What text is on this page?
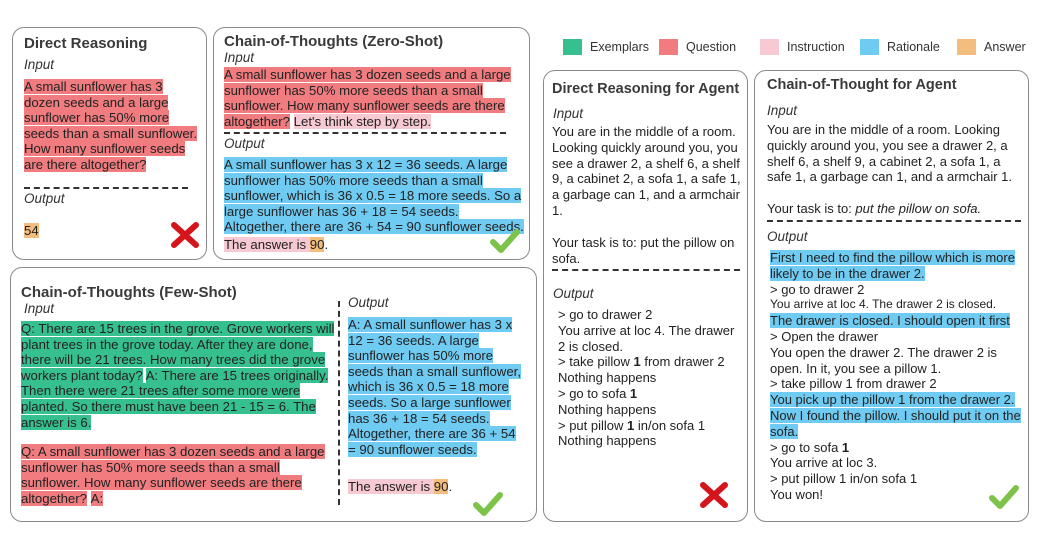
Exemplars	Question	Instruction	Rationale	Answer
Direct Reasoning
Input
A small sunflower has 3 dozen seeds and a large sunflower has 50% more seeds than a small sunflower. How many sunflower seeds are there altogether?
Output
54
Chain-of-Thoughts (Zero-Shot)
Input
A small sunflower has 3 dozen seeds and a large sunflower has 50% more seeds than a small sunflower. How many sunflower seeds are there altogether? Let's think step by step.
Output
A small sunflower has 3 x 12 = 36 seeds. A large sunflower has 50% more seeds than a small sunflower, which is 36 x 0.5 = 18 more seeds. So a large sunflower has 36 + 18 = 54 seeds. Altogether, there are 36 + 54 = 90 sunflower seeds.
The answer is 90.
Chain-of-Thoughts (Few-Shot)
Input
Q: There are 15 trees in the grove. Grove workers will plant trees in the grove today. After they are done, there will be 21 trees. How many trees did the grove workers plant today? A: There are 15 trees originally. Then there were 21 trees after some more were planted. So there must have been 21 - 15 = 6. The answer is 6.
Q: A small sunflower has 3 dozen seeds and a large sunflower has 50% more seeds than a small sunflower. How many sunflower seeds are there altogether? A:
Output
A: A small sunflower has 3 x 12 = 36 seeds. A large sunflower has 50% more seeds than a small sunflower, which is 36 x 0.5 = 18 more seeds. So a large sunflower has 36 + 18 = 54 seeds. Altogether, there are 36 + 54 = 90 sunflower seeds.
The answer is 90.
Direct Reasoning for Agent
Input
You are in the middle of a room. Looking quickly around you, you see a drawer 2, a shelf 6, a shelf 9, a cabinet 2, a sofa 1, a safe 1, a garbage can 1, and a armchair 1.
Your task is to: put the pillow on sofa.
Output
> go to drawer 2
You arrive at loc 4. The drawer 2 is closed.
> take pillow 1 from drawer 2
Nothing happens
> go to sofa 1
Nothing happens
> put pillow 1 in/on sofa 1
Nothing happens
Chain-of-Thought for Agent
Input
You are in the middle of a room. Looking quickly around you, you see a drawer 2, a shelf 6, a shelf 9, a cabinet 2, a sofa 1, a safe 1, a garbage can 1, and a armchair 1.
Your task is to: put the pillow on sofa.
Output
First I need to find the pillow which is more likely to be in the drawer 2.
> go to drawer 2
You arrive at loc 4. The drawer 2 is closed.
The drawer is closed. I should open it first
> Open the drawer
You open the drawer 2. The drawer 2 is open. In it, you see a pillow 1.
> take pillow 1 from drawer 2
You pick up the pillow 1 from the drawer 2. Now I found the pillow. I should put it on the sofa.
> go to sofa 1
You arrive at loc 3.
> put pillow 1 in/on sofa 1
You won!
